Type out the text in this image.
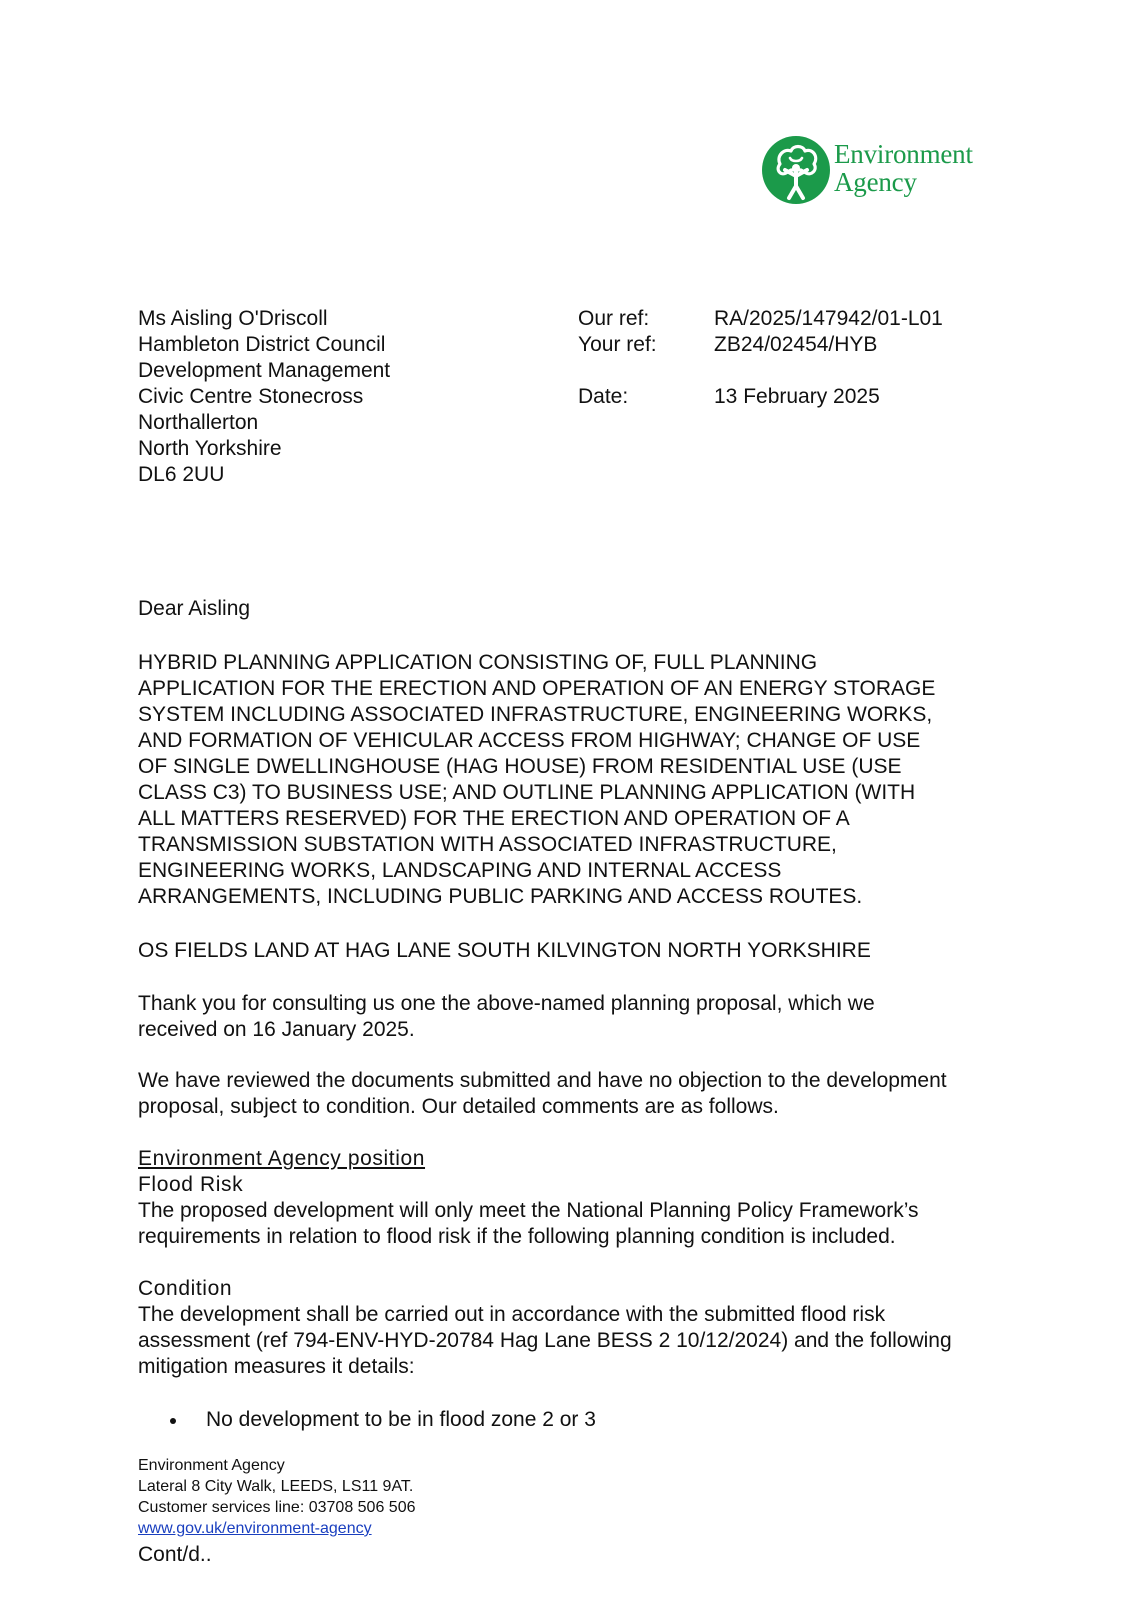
Environment
Agency

Ms Aisling O'Driscoll

Hambleton District Council

Development Management

Civic Centre Stonecross

Northallerton

North Yorkshire

DL6 2UU

Our ref:	RA/2025/147942/01-L01
Your ref:	ZB24/02454/HYB
Date:	13 February 2025

Dear Aisling

HYBRID PLANNING APPLICATION CONSISTING OF, FULL PLANNING

APPLICATION FOR THE ERECTION AND OPERATION OF AN ENERGY STORAGE

SYSTEM INCLUDING ASSOCIATED INFRASTRUCTURE, ENGINEERING WORKS,

AND FORMATION OF VEHICULAR ACCESS FROM HIGHWAY; CHANGE OF USE

OF SINGLE DWELLINGHOUSE (HAG HOUSE) FROM RESIDENTIAL USE (USE

CLASS C3) TO BUSINESS USE; AND OUTLINE PLANNING APPLICATION (WITH

ALL MATTERS RESERVED) FOR THE ERECTION AND OPERATION OF A

TRANSMISSION SUBSTATION WITH ASSOCIATED INFRASTRUCTURE,

ENGINEERING WORKS, LANDSCAPING AND INTERNAL ACCESS

ARRANGEMENTS, INCLUDING PUBLIC PARKING AND ACCESS ROUTES.

OS FIELDS LAND AT HAG LANE SOUTH KILVINGTON NORTH YORKSHIRE

Thank you for consulting us one the above-named planning proposal, which we

received on 16 January 2025.

We have reviewed the documents submitted and have no objection to the development

proposal, subject to condition. Our detailed comments are as follows.

Environment Agency position

Flood Risk

The proposed development will only meet the National Planning Policy Framework’s

requirements in relation to flood risk if the following planning condition is included.

Condition

The development shall be carried out in accordance with the submitted flood risk

assessment (ref 794-ENV-HYD-20784 Hag Lane BESS 2 10/12/2024) and the following

mitigation measures it details:

No development to be in flood zone 2 or 3
Environment Agency
Lateral 8 City Walk, LEEDS, LS11 9AT.
Customer services line: 03708 506 506
www.gov.uk/environment-agency

Cont/d..
